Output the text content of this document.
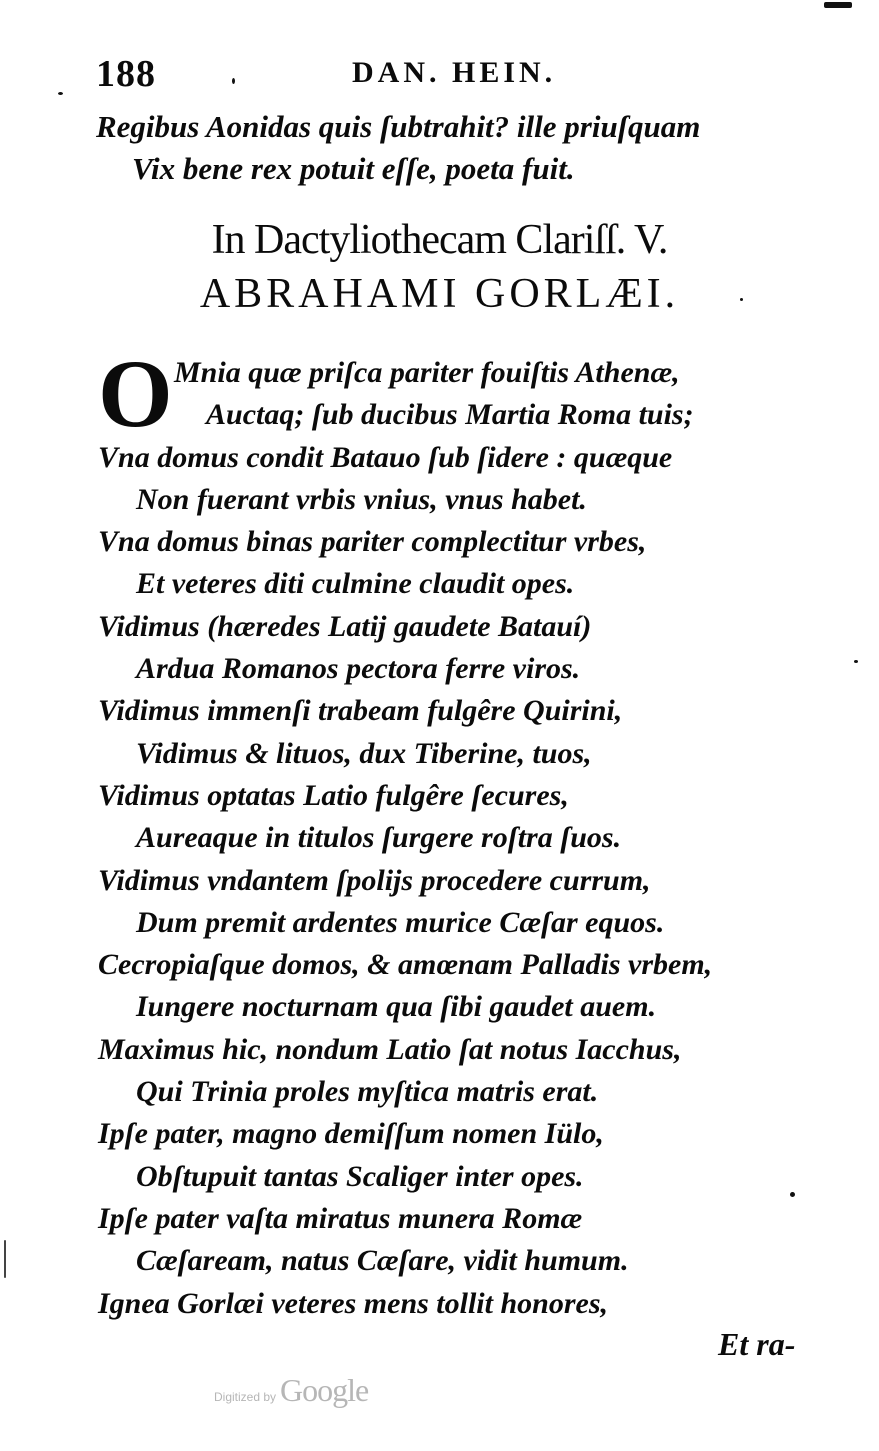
188	DAN. HEIN.
Regibus Aonidas quis ſubtrahit? ille priuſquam
Vix bene rex potuit eſſe, poeta fuit.
In Dactyliothecam Clariſſ. V.
ABRAHAMI GORLÆI.
O Mnia quæ priſca pariter fouiſtis Athenæ,
Auctaq; ſub ducibus Martia Roma tuis;
Vna domus condit Batauo ſub ſidere : quæque
Non fuerant vrbis vnius, vnus habet.
Vna domus binas pariter complectitur vrbes,
Et veteres diti culmine claudit opes.
Vidimus (hæredes Latij gaudete Batauí)
Ardua Romanos pectora ferre viros.
Vidimus immenſi trabeam fulgêre Quirini,
Vidimus & lituos, dux Tiberine, tuos,
Vidimus optatas Latio fulgêre ſecures,
Aureaque in titulos ſurgere roſtra ſuos.
Vidimus vndantem ſpolijs procedere currum,
Dum premit ardentes murice Cæſar equos.
Cecropiaſque domos, & amœnam Palladis vrbem,
Iungere nocturnam qua ſibi gaudet auem.
Maximus hic, nondum Latio ſat notus Iacchus,
Qui Trinia proles myſtica matris erat.
Ipſe pater, magno demiſſum nomen Iülo,
Obſtupuit tantas Scaliger inter opes.
Ipſe pater vaſta miratus munera Romæ
Cæſaream, natus Cæſare, vidit humum.
Ignea Gorlæi veteres mens tollit honores,
Et ra-
Digitized by Google
